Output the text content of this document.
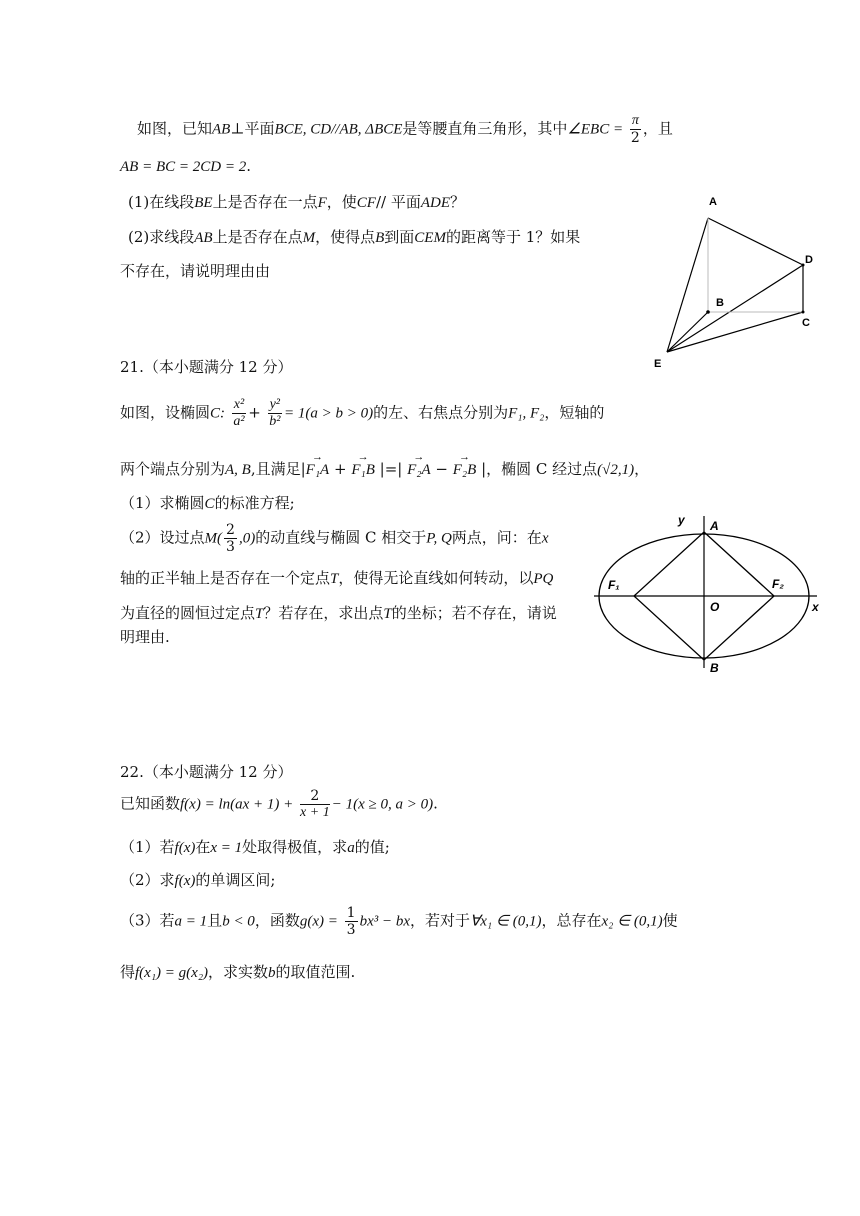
如图，已知AB⊥平面BCE, CD//AB, ΔBCE是等腰直角三角形，其中∠EBC = $\frac{\pi}{2}$ ，且
AB = BC = 2CD = 2.
(1)在线段BE上是否存在一点F，使CF// 平面ADE？
(2)求线段AB上是否存在点M，使得点B到面CEM的距离等于 1？如果
不存在，请说明理由由
A
B
C
D
E
21.（本小题满分 12 分）
如图，设椭圆C: $\frac{\text{x²}}{\text{a²}} + \frac{\text{y²}}{\text{b²}} = 1(a > b > 0)$的左、右焦点分别为F₁, F₂，短轴的
两个端点分别为A, B,且满足|→ F₁A + → F₁B |=| → F₂A − → F₂B |，椭圆 C 经过点(√2,1)，
（1）求椭圆C的标准方程;
（2）设过点$M( \frac{2}{3} ,0)$的动直线与椭圆 C 相交于P, Q两点，问：在x
轴的正半轴上是否存在一个定点T，使得无论直线如何转动，以PQ
为直径的圆恒过定点T？若存在，求出点T的坐标；若不存在，请说
明理由.
y A
F₁	F₂
O	x
B
22.（本小题满分 12 分）
已知函数$f(x) = \ln(ax + 1) + \frac{2}{x + 1} - 1(x \ge 0$, a > 0).
（1）若f(x)在x = 1处取得极值，求a的值;
（2）求f(x)的单调区间;
（3）若a = 1且b < 0，函数$g(x) = \frac{1}{3} bx^3$ − bx，若对于∀x₁ ∈ (0,1)，总存在x₂ ∈ (0,1)使
得f(x₁) = g(x₂)，求实数b的取值范围.
